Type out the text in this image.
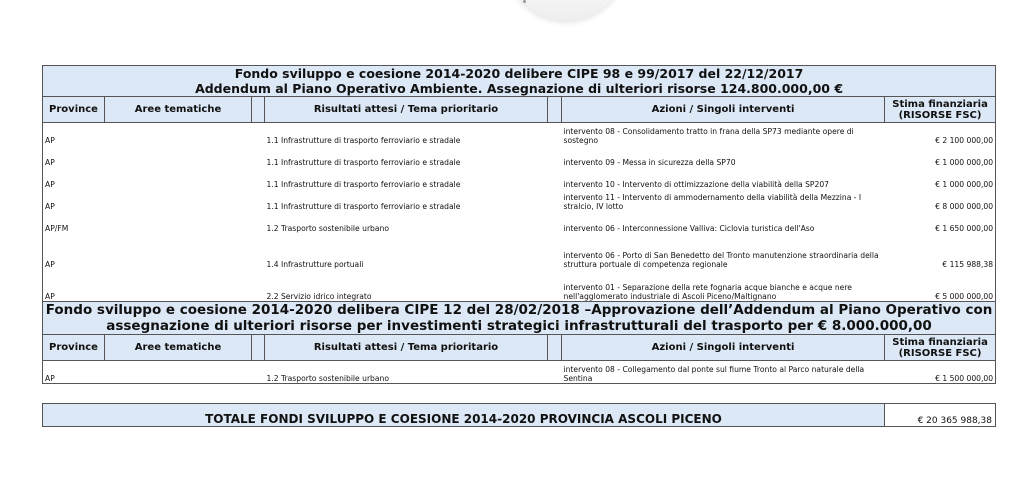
Fondo sviluppo e coesione 2014-2020 delibere CIPE 98 e 99/2017 del 22/12/2017
Addendum al Piano Operativo Ambiente. Assegnazione di ulteriori risorse 124.800.000,00 €						

Province	Aree tematiche		Risultati attesi / Tema prioritario		Azioni / Singoli interventi	Stima finanziaria
(RISORSE FSC)

AP			1.1 Infrastrutture di trasporto ferroviario e stradale		intervento 08 - Consolidamento tratto in frana della SP73 mediante opere di sostegno	€ 2 100 000,00
AP			1.1 Infrastrutture di trasporto ferroviario e stradale		intervento 09 - Messa in sicurezza della SP70	€ 1 000 000,00
AP			1.1 Infrastrutture di trasporto ferroviario e stradale		intervento 10 - Intervento di ottimizzazione della viabilità della SP207	€ 1 000 000,00
AP			1.1 Infrastrutture di trasporto ferroviario e stradale		intervento 11 - Intervento di ammodernamento della viabilità della Mezzina - I stralcio, IV lotto	€ 8 000 000,00
AP/FM			1.2 Trasporto sostenibile urbano		intervento 06 - Interconnessione Valliva: Ciclovia turistica dell'Aso	€ 1 650 000,00
AP			1.4 Infrastrutture portuali		intervento 06 - Porto di San Benedetto del Tronto manutenzione straordinaria della struttura portuale di competenza regionale	€ 115 988,38
AP			2.2 Servizio idrico integrato		intervento 01 - Separazione della rete fognaria acque bianche e acque nere nell'agglomerato industriale di Ascoli Piceno/Maltignano	€ 5 000 000,00

Fondo sviluppo e coesione 2014-2020 delibera CIPE 12 del 28/02/2018 –Approvazione dell’Addendum al Piano Operativo con
assegnazione di ulteriori risorse per investimenti strategici infrastrutturali del trasporto per € 8.000.000,00						

Province	Aree tematiche		Risultati attesi / Tema prioritario		Azioni / Singoli interventi	Stima finanziaria
(RISORSE FSC)

AP			1.2 Trasporto sostenibile urbano		intervento 08 - Collegamento dal ponte sul fiume Tronto al Parco naturale della Sentina	€ 1 500 000,00
TOTALE FONDI SVILUPPO E COESIONE 2014-2020 PROVINCIA ASCOLI PICENO	€ 20 365 988,38
